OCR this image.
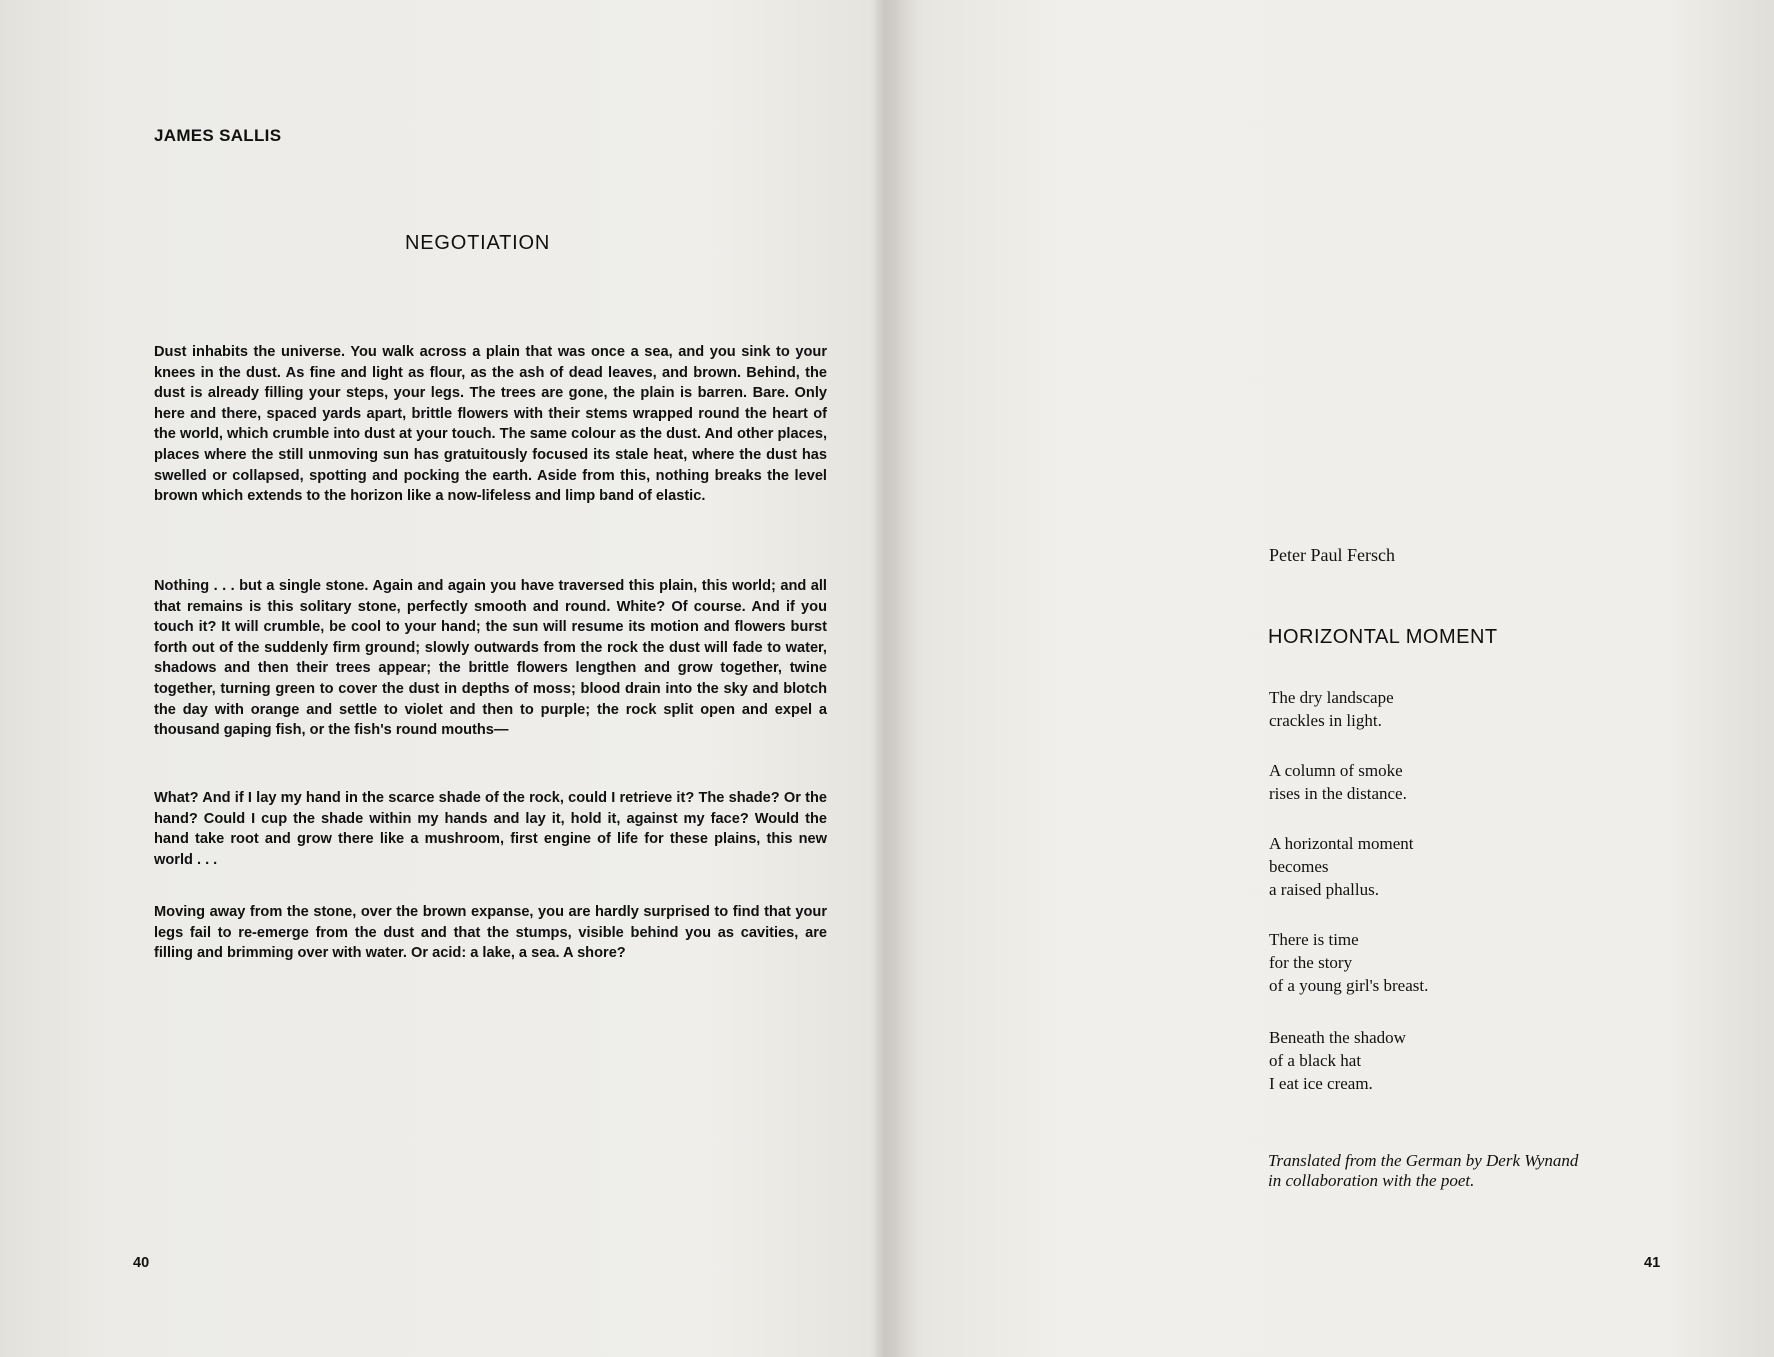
JAMES SALLIS
NEGOTIATION

Dust inhabits the universe. You walk across a plain that was once a sea, and you sink to your knees in the dust. As fine and light as flour, as the ash of dead leaves, and brown. Behind, the dust is already filling your steps, your legs. The trees are gone, the plain is barren. Bare. Only here and there, spaced yards apart, brittle flowers with their stems wrapped round the heart of the world, which crumble into dust at your touch. The same colour as the dust. And other places, places where the still unmoving sun has gratuitously focused its stale heat, where the dust has swelled or collapsed, spotting and pocking the earth. Aside from this, nothing breaks the level brown which extends to the horizon like a now-lifeless and limp band of elastic.

Nothing . . . but a single stone. Again and again you have traversed this plain, this world; and all that remains is this solitary stone, perfectly smooth and round. White? Of course. And if you touch it? It will crumble, be cool to your hand; the sun will resume its motion and flowers burst forth out of the suddenly firm ground; slowly outwards from the rock the dust will fade to water, shadows and then their trees appear; the brittle flowers lengthen and grow together, twine together, turning green to cover the dust in depths of moss; blood drain into the sky and blotch the day with orange and settle to violet and then to purple; the rock split open and expel a thousand gaping fish, or the fish's round mouths—

What? And if I lay my hand in the scarce shade of the rock, could I retrieve it? The shade? Or the hand? Could I cup the shade within my hands and lay it, hold it, against my face? Would the hand take root and grow there like a mushroom, first engine of life for these plains, this new world . . .

Moving away from the stone, over the brown expanse, you are hardly surprised to find that your legs fail to re-emerge from the dust and that the stumps, visible behind you as cavities, are filling and brimming over with water. Or acid: a lake, a sea. A shore?

40
Peter Paul Fersch
HORIZONTAL MOMENT
The dry landscape
crackles in light.
A column of smoke
rises in the distance.
A horizontal moment
becomes
a raised phallus.
There is time
for the story
of a young girl's breast.
Beneath the shadow
of a black hat
I eat ice cream.
Translated from the German by Derk Wynand
in collaboration with the poet.
41
